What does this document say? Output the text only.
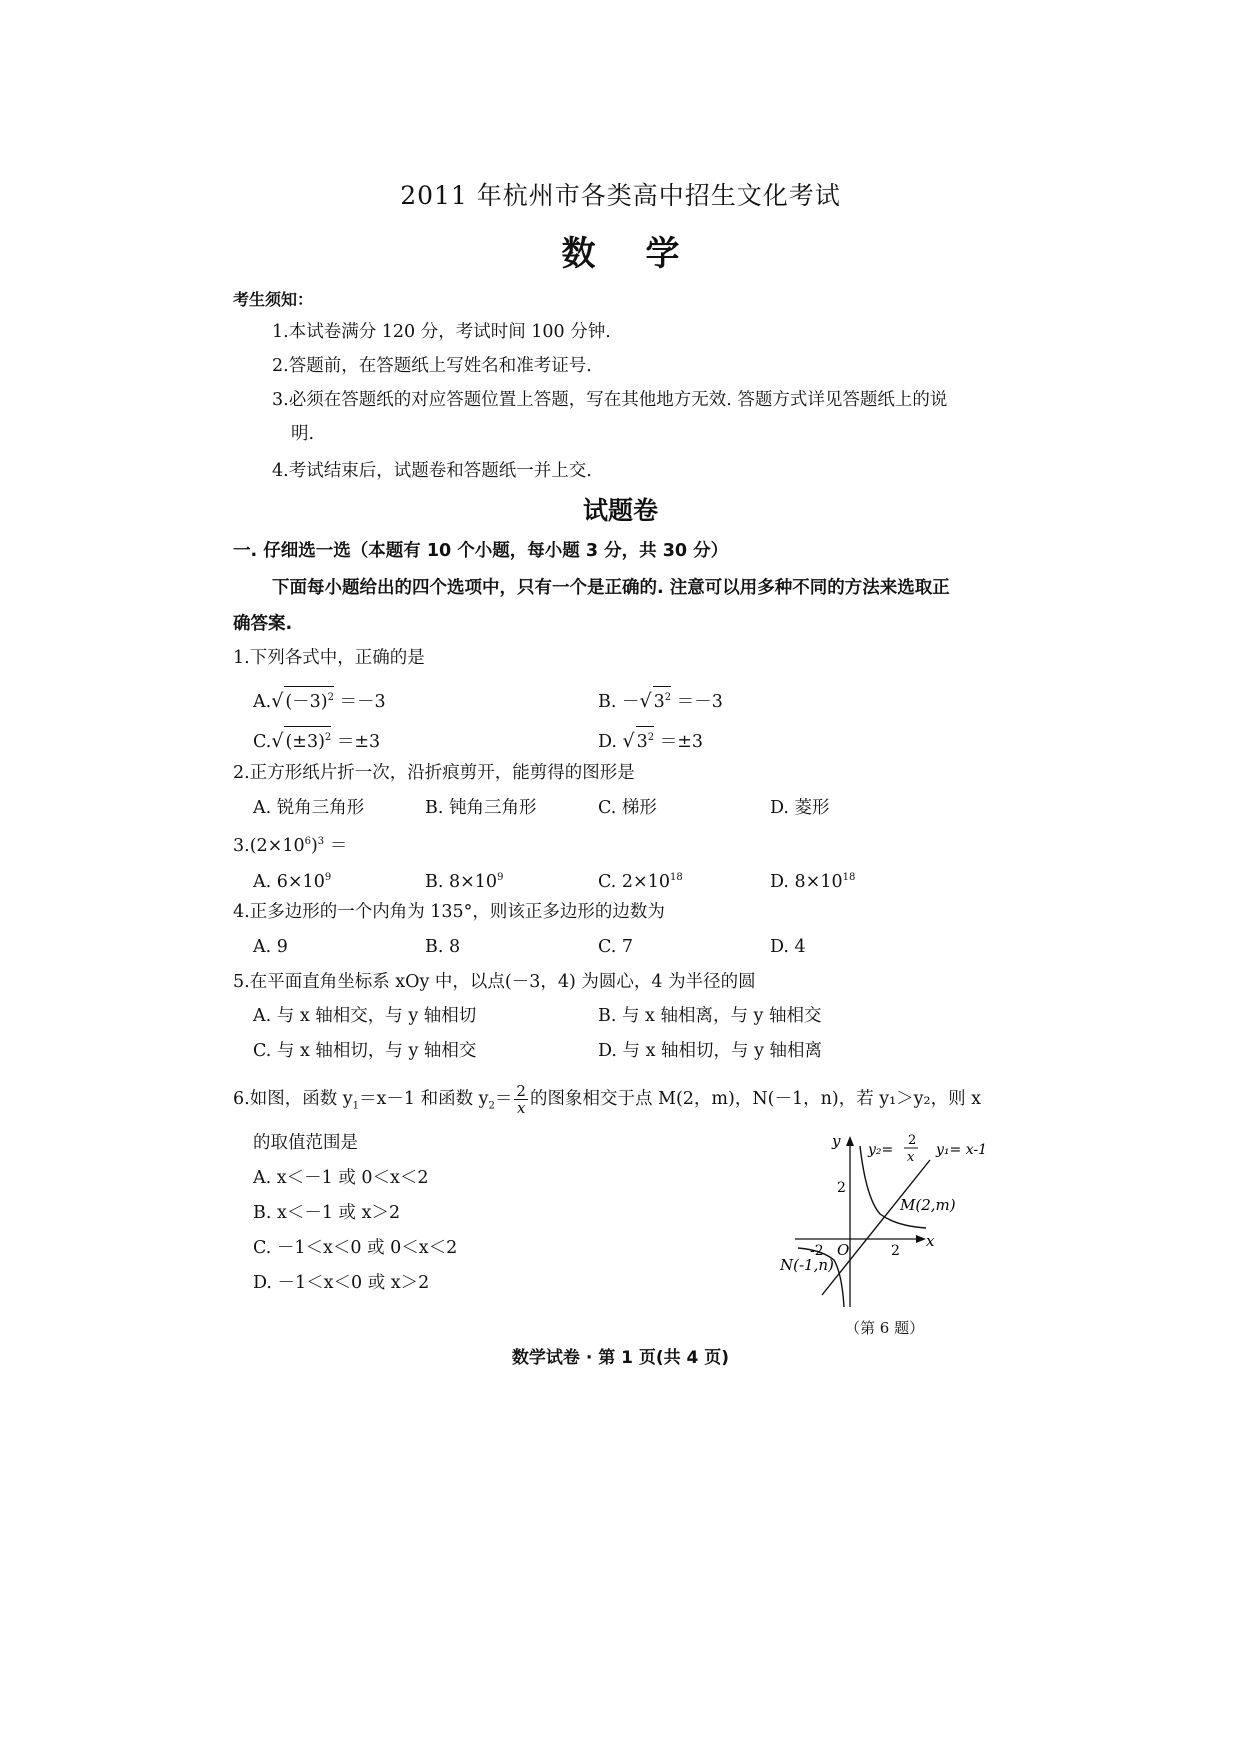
2011 年杭州市各类高中招生文化考试
数学
考生须知：
1.本试卷满分 120 分，考试时间 100 分钟.
2.答题前，在答题纸上写姓名和准考证号.
3.必须在答题纸的对应答题位置上答题，写在其他地方无效. 答题方式详见答题纸上的说
明.
4.考试结束后，试题卷和答题纸一并上交.
试题卷
一. 仔细选一选（本题有 10 个小题，每小题 3 分，共 30 分）
下面每小题给出的四个选项中，只有一个是正确的. 注意可以用多种不同的方法来选取正
确答案.
1.下列各式中，正确的是
A.√ $(-3)^2 =-3$	B. －√ $3^2 =-3$
C.√ $(\pm 3)^2 =\pm 3$	D. √ $3^2 =\pm 3$
2.正方形纸片折一次，沿折痕剪开，能剪得的图形是
A. 锐角三角形	B. 钝角三角形	C. 梯形	D. 菱形
$3.(2\times 10^6)^3$ ＝
A. $6\times 10^9$	B. $8\times 10^9$	C. $2\times 10^{18}$	D. $8\times 10^{18}$
4.正多边形的一个内角为 135°，则该正多边形的边数为
A. 9	B. 8	C. 7	D. 4
5.在平面直角坐标系 xOy 中，以点(－3，4) 为圆心，4 为半径的圆
A. 与 x 轴相交，与 y 轴相切	B. 与 x 轴相离，与 y 轴相交
C. 与 x 轴相切，与 y 轴相交	D. 与 x 轴相切，与 y 轴相离
6.如图，函数 $y_1=x-1$ 和函数 $y_2= \frac{2}{x}$ 的图象相交于点 M(2，m)，N(－1，n)，若 y₁＞y₂，则 x
的取值范围是
A. x＜－1 或 0＜x＜2
B. x＜－1 或 x＞2
C. －1＜x＜0 或 0＜x＜2
D. －1＜x＜0 或 x＞2
y
x
O
-2	2
2
y₂=
2
x y₁= x-1
M(2,m)
N(-1,n)
（第 6 题）
数学试卷 · 第 1 页(共 4 页)
